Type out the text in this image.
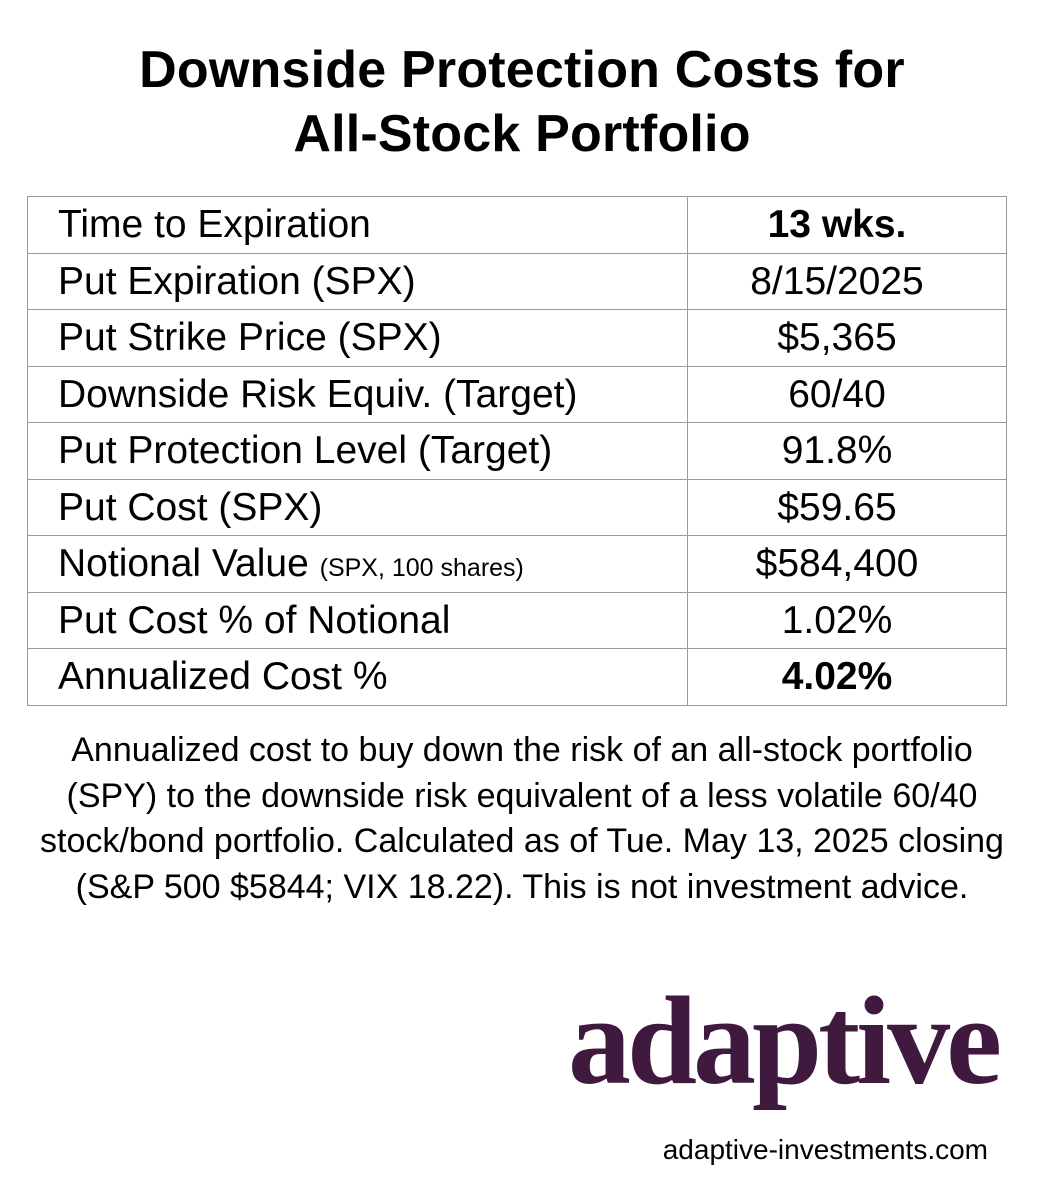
Downside Protection Costs for
All-Stock Portfolio
Time to Expiration	13 wks.
Put Expiration (SPX)	8/15/2025
Put Strike Price (SPX)	$5,365
Downside Risk Equiv. (Target)	60/40
Put Protection Level (Target)	91.8%
Put Cost (SPX)	$59.65
Notional Value (SPX, 100 shares)	$584,400
Put Cost % of Notional	1.02%
Annualized Cost %	4.02%
Annualized cost to buy down the risk of an all-stock portfolio (SPY) to the downside risk equivalent of a less volatile 60/40 stock/bond portfolio. Calculated as of Tue. May 13, 2025 closing (S&P 500 $5844; VIX 18.22). This is not investment advice.
adaptive
adaptive-investments.com
